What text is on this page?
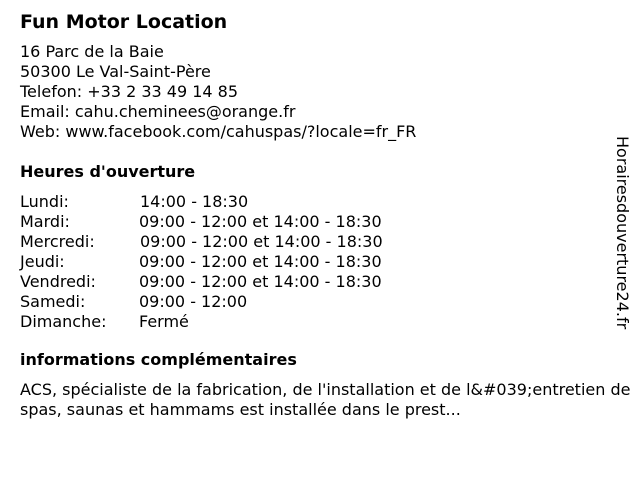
Fun Motor Location
16 Parc de la Baie
50300 Le Val-Saint-Père
Telefon: +33 2 33 49 14 85
Email: cahu.cheminees@orange.fr
Web: www.facebook.com/cahuspas/?locale=fr_FR
Heures d'ouverture
Lundi:	14:00 - 18:30
Mardi:	09:00 - 12:00 et 14:00 - 18:30
Mercredi:	09:00 - 12:00 et 14:00 - 18:30
Jeudi:	09:00 - 12:00 et 14:00 - 18:30
Vendredi:	09:00 - 12:00 et 14:00 - 18:30
Samedi:	09:00 - 12:00
Dimanche:	Fermé
informations complémentaires
ACS, spécialiste de la fabrication, de l'installation et de l&#039;entretien de spas, saunas et hammams est installée dans le prest...
Horairesdouverture24.fr
